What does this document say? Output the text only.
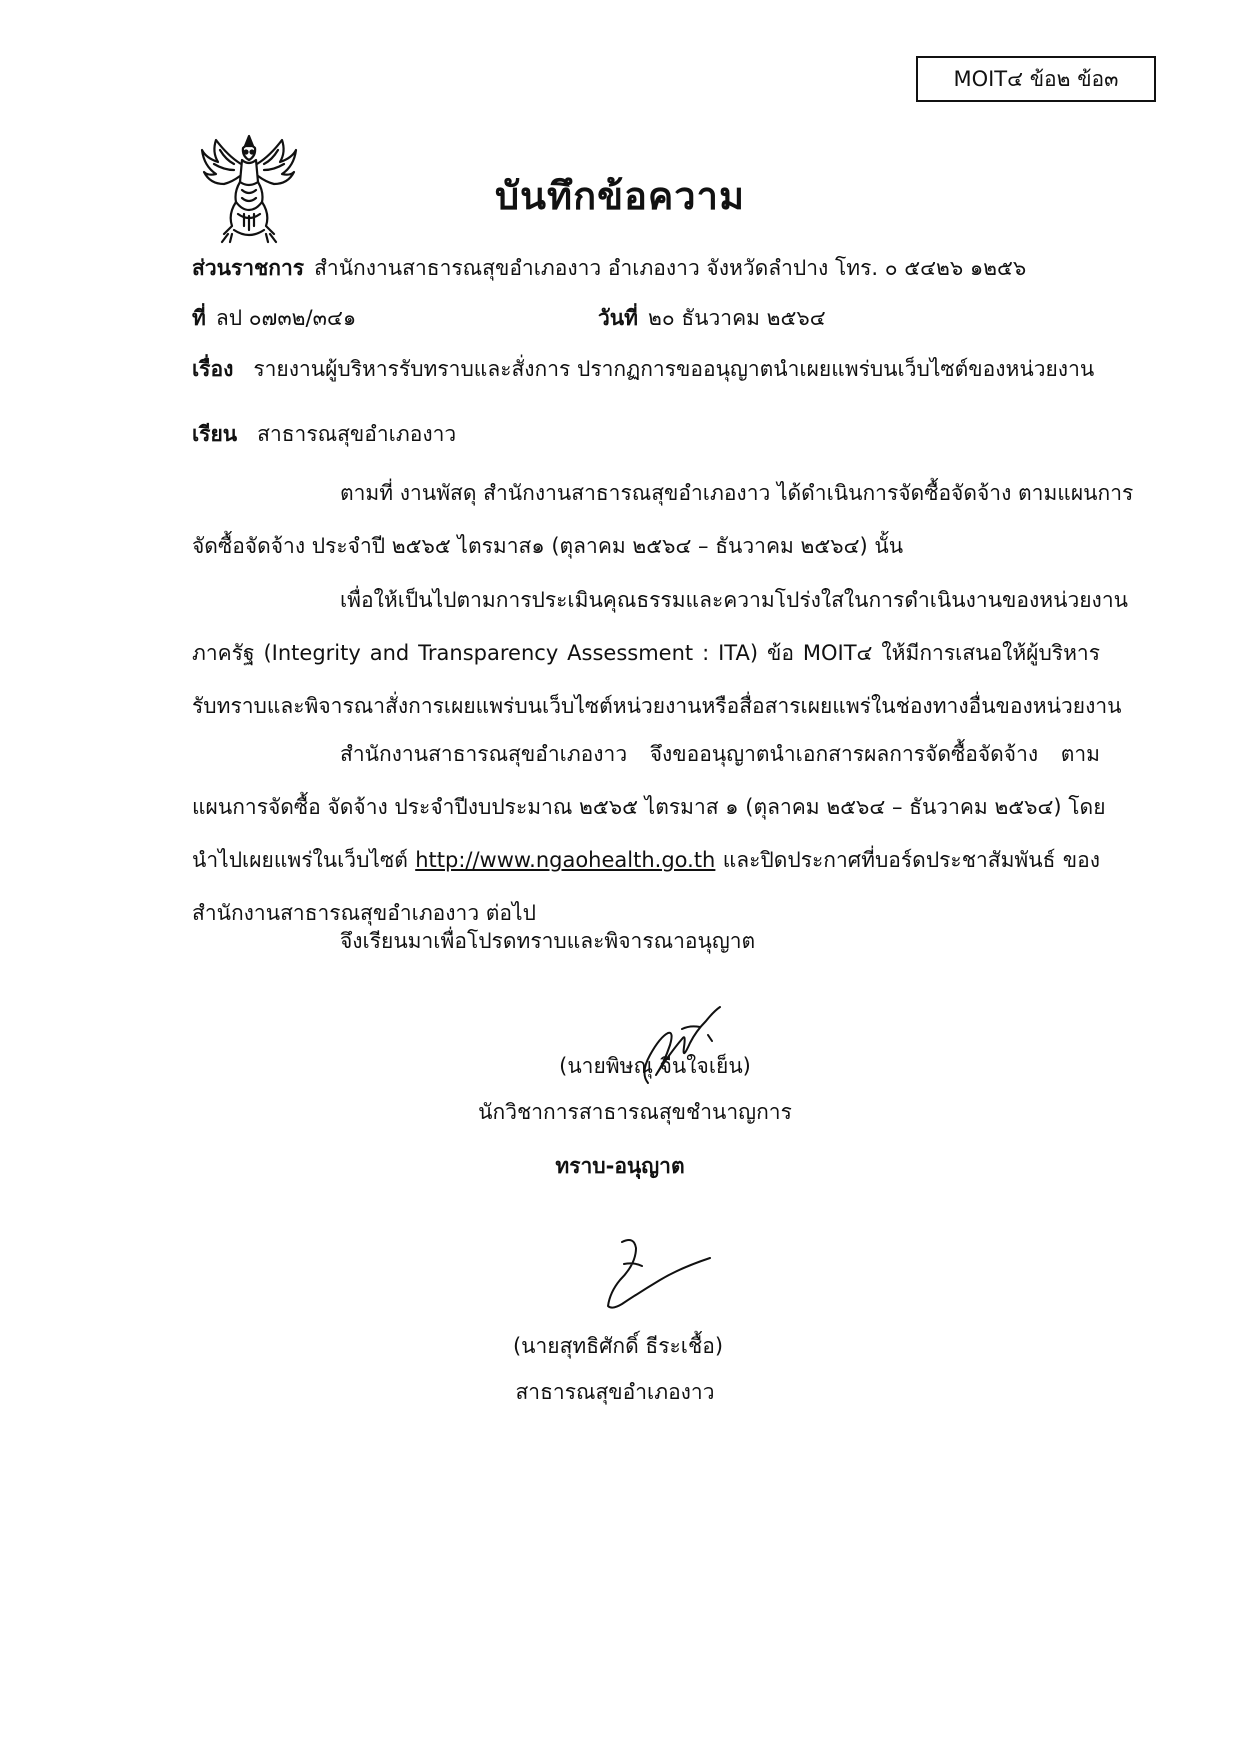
MOIT๔ ข้อ๒ ข้อ๓
บันทึกข้อความ
ส่วนราชการ สำนักงานสาธารณสุขอำเภองาว อำเภองาว จังหวัดลำปาง โทร. ๐ ๕๔๒๖ ๑๒๕๖
ที่ ลป ๐๗๓๒/๓๔๑	วันที่ ๒๐ ธันวาคม ๒๕๖๔
เรื่อง รายงานผู้บริหารรับทราบและสั่งการ ปรากฏการขออนุญาตนำเผยแพร่บนเว็บไซต์ของหน่วยงาน
เรียน สาธารณสุขอำเภองาว
ตามที่ งานพัสดุ สำนักงานสาธารณสุขอำเภองาว ได้ดำเนินการจัดซื้อจัดจ้าง ตามแผนการ
จัดซื้อจัดจ้าง ประจำปี ๒๕๖๕ ไตรมาส๑ (ตุลาคม ๒๕๖๔ – ธันวาคม ๒๕๖๔) นั้น
เพื่อให้เป็นไปตามการประเมินคุณธรรมและความโปร่งใสในการดำเนินงานของหน่วยงาน
ภาครัฐ (Integrity and Transparency Assessment : ITA) ข้อ MOIT๔ ให้มีการเสนอให้ผู้บริหาร
รับทราบและพิจารณาสั่งการเผยแพร่บนเว็บไซต์หน่วยงานหรือสื่อสารเผยแพร่ในช่องทางอื่นของหน่วยงาน
สำนักงานสาธารณสุขอำเภองาว จึงขออนุญาตนำเอกสารผลการจัดซื้อจัดจ้าง ตาม
แผนการจัดซื้อ จัดจ้าง ประจำปีงบประมาณ ๒๕๖๕ ไตรมาส ๑ (ตุลาคม ๒๕๖๔ – ธันวาคม ๒๕๖๔) โดย
นำไปเผยแพร่ในเว็บไซต์ http://www.ngaohealth.go.th และปิดประกาศที่บอร์ดประชาสัมพันธ์ ของ
สำนักงานสาธารณสุขอำเภองาว ต่อไป
จึงเรียนมาเพื่อโปรดทราบและพิจารณาอนุญาต
(นายพิษณุ จีนใจเย็น)
นักวิชาการสาธารณสุขชำนาญการ
ทราบ-อนุญาต
(นายสุทธิศักดิ์ ธีระเชื้อ)
สาธารณสุขอำเภองาว
